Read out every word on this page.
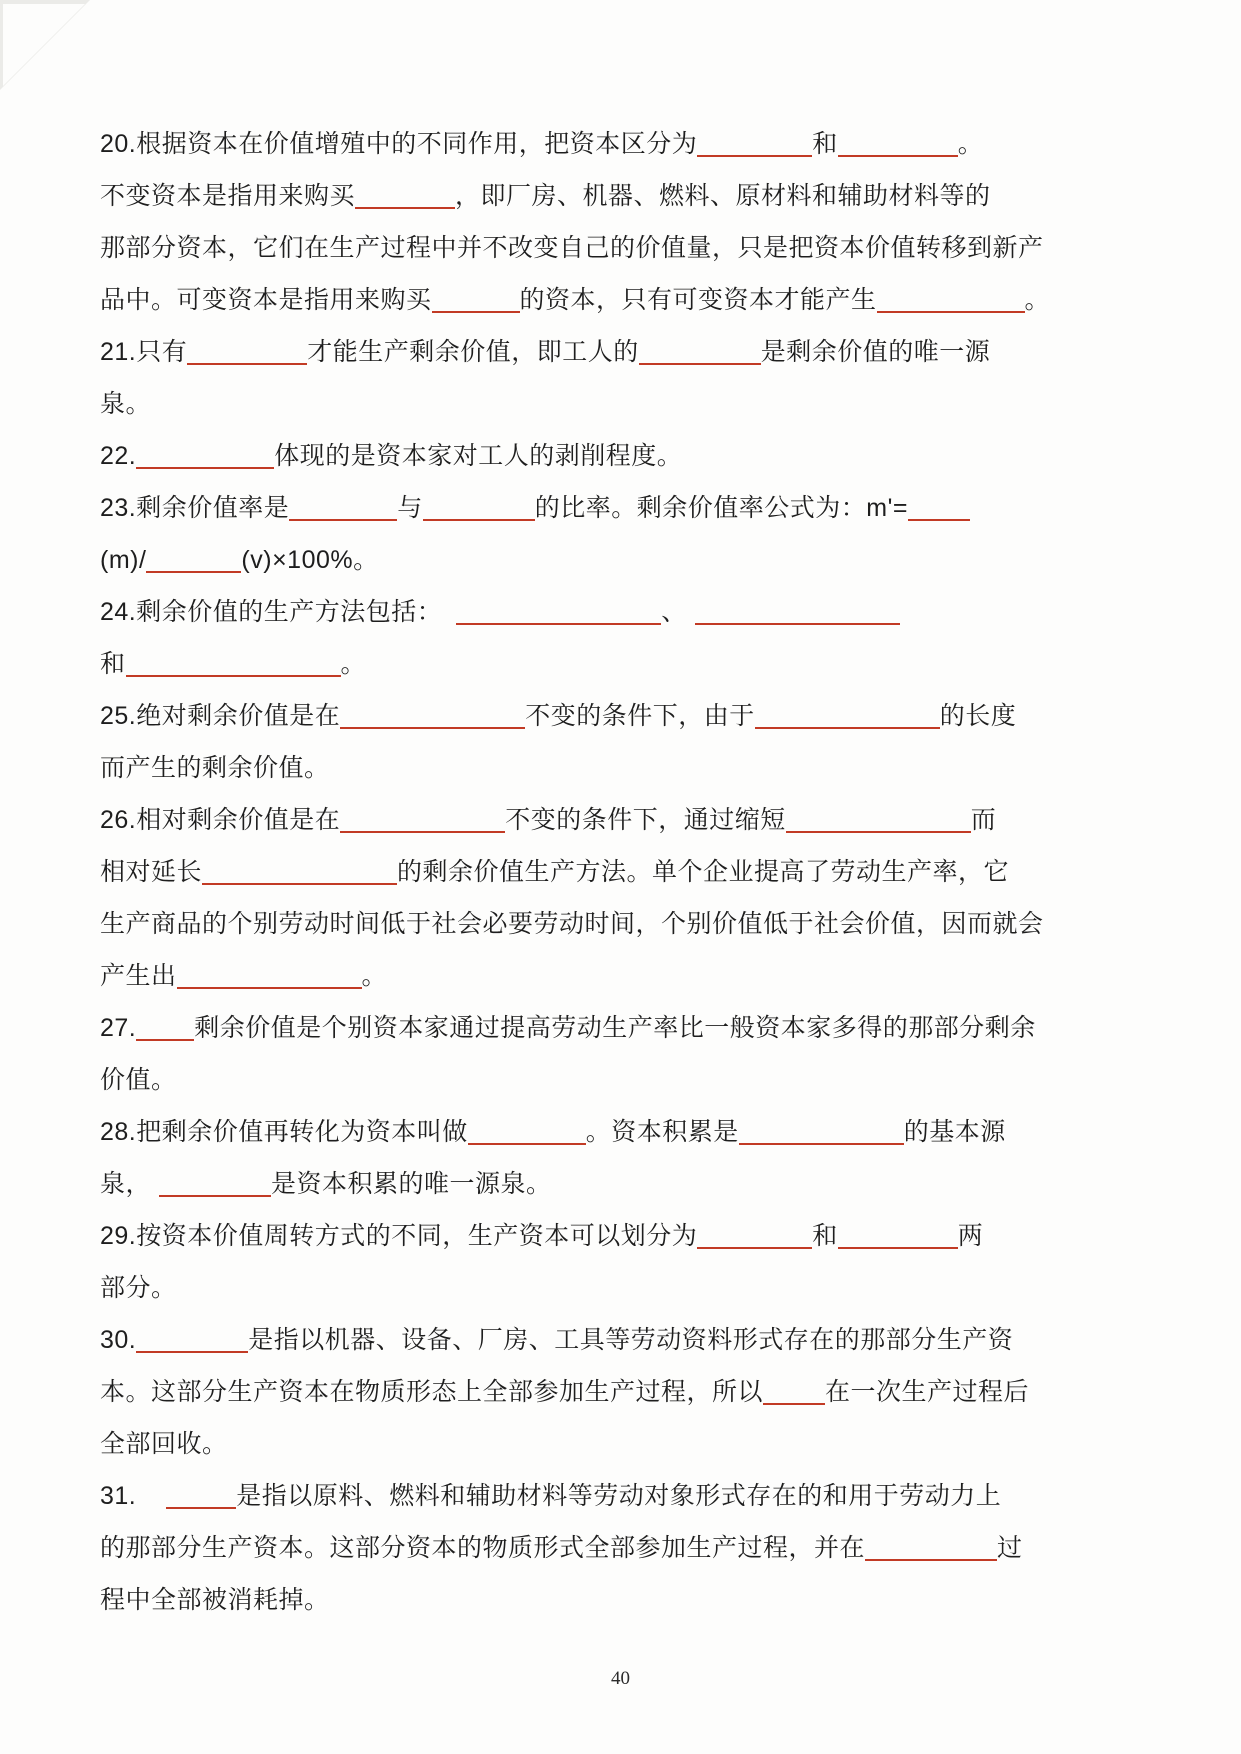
20.根据资本在价值增殖中的不同作用，把资本区分为	和	。
不变资本是指用来购买	，即厂房、机器、燃料、原材料和辅助材料等的
那部分资本，它们在生产过程中并不改变自己的价值量，只是把资本价值转移到新产
品中。可变资本是指用来购买	的资本，只有可变资本才能产生	。
21.只有	才能生产剩余价值，即工人的	是剩余价值的唯一源
泉。
22.	体现的是资本家对工人的剥削程度。
23.剩余价值率是	与	的比率。剩余价值率公式为：m'=
(m)/	(v)×100%。
24.剩余价值的生产方法包括：	、
和	。
25.绝对剩余价值是在	不变的条件下，由于	的长度
而产生的剩余价值。
26.相对剩余价值是在	不变的条件下，通过缩短	而
相对延长	的剩余价值生产方法。单个企业提高了劳动生产率，它
生产商品的个别劳动时间低于社会必要劳动时间，个别价值低于社会价值，因而就会
产生出	。
27. 剩余价值是个别资本家通过提高劳动生产率比一般资本家多得的那部分剩余
价值。
28.把剩余价值再转化为资本叫做	。资本积累是	的基本源
泉，	是资本积累的唯一源泉。
29.按资本价值周转方式的不同，生产资本可以划分为	和	两
部分。
30.	是指以机器、设备、厂房、工具等劳动资料形式存在的那部分生产资
本。这部分生产资本在物质形态上全部参加生产过程，所以 在一次生产过程后
全部回收。
31.	是指以原料、燃料和辅助材料等劳动对象形式存在的和用于劳动力上
的那部分生产资本。这部分资本的物质形式全部参加生产过程，并在	过
程中全部被消耗掉。
40
